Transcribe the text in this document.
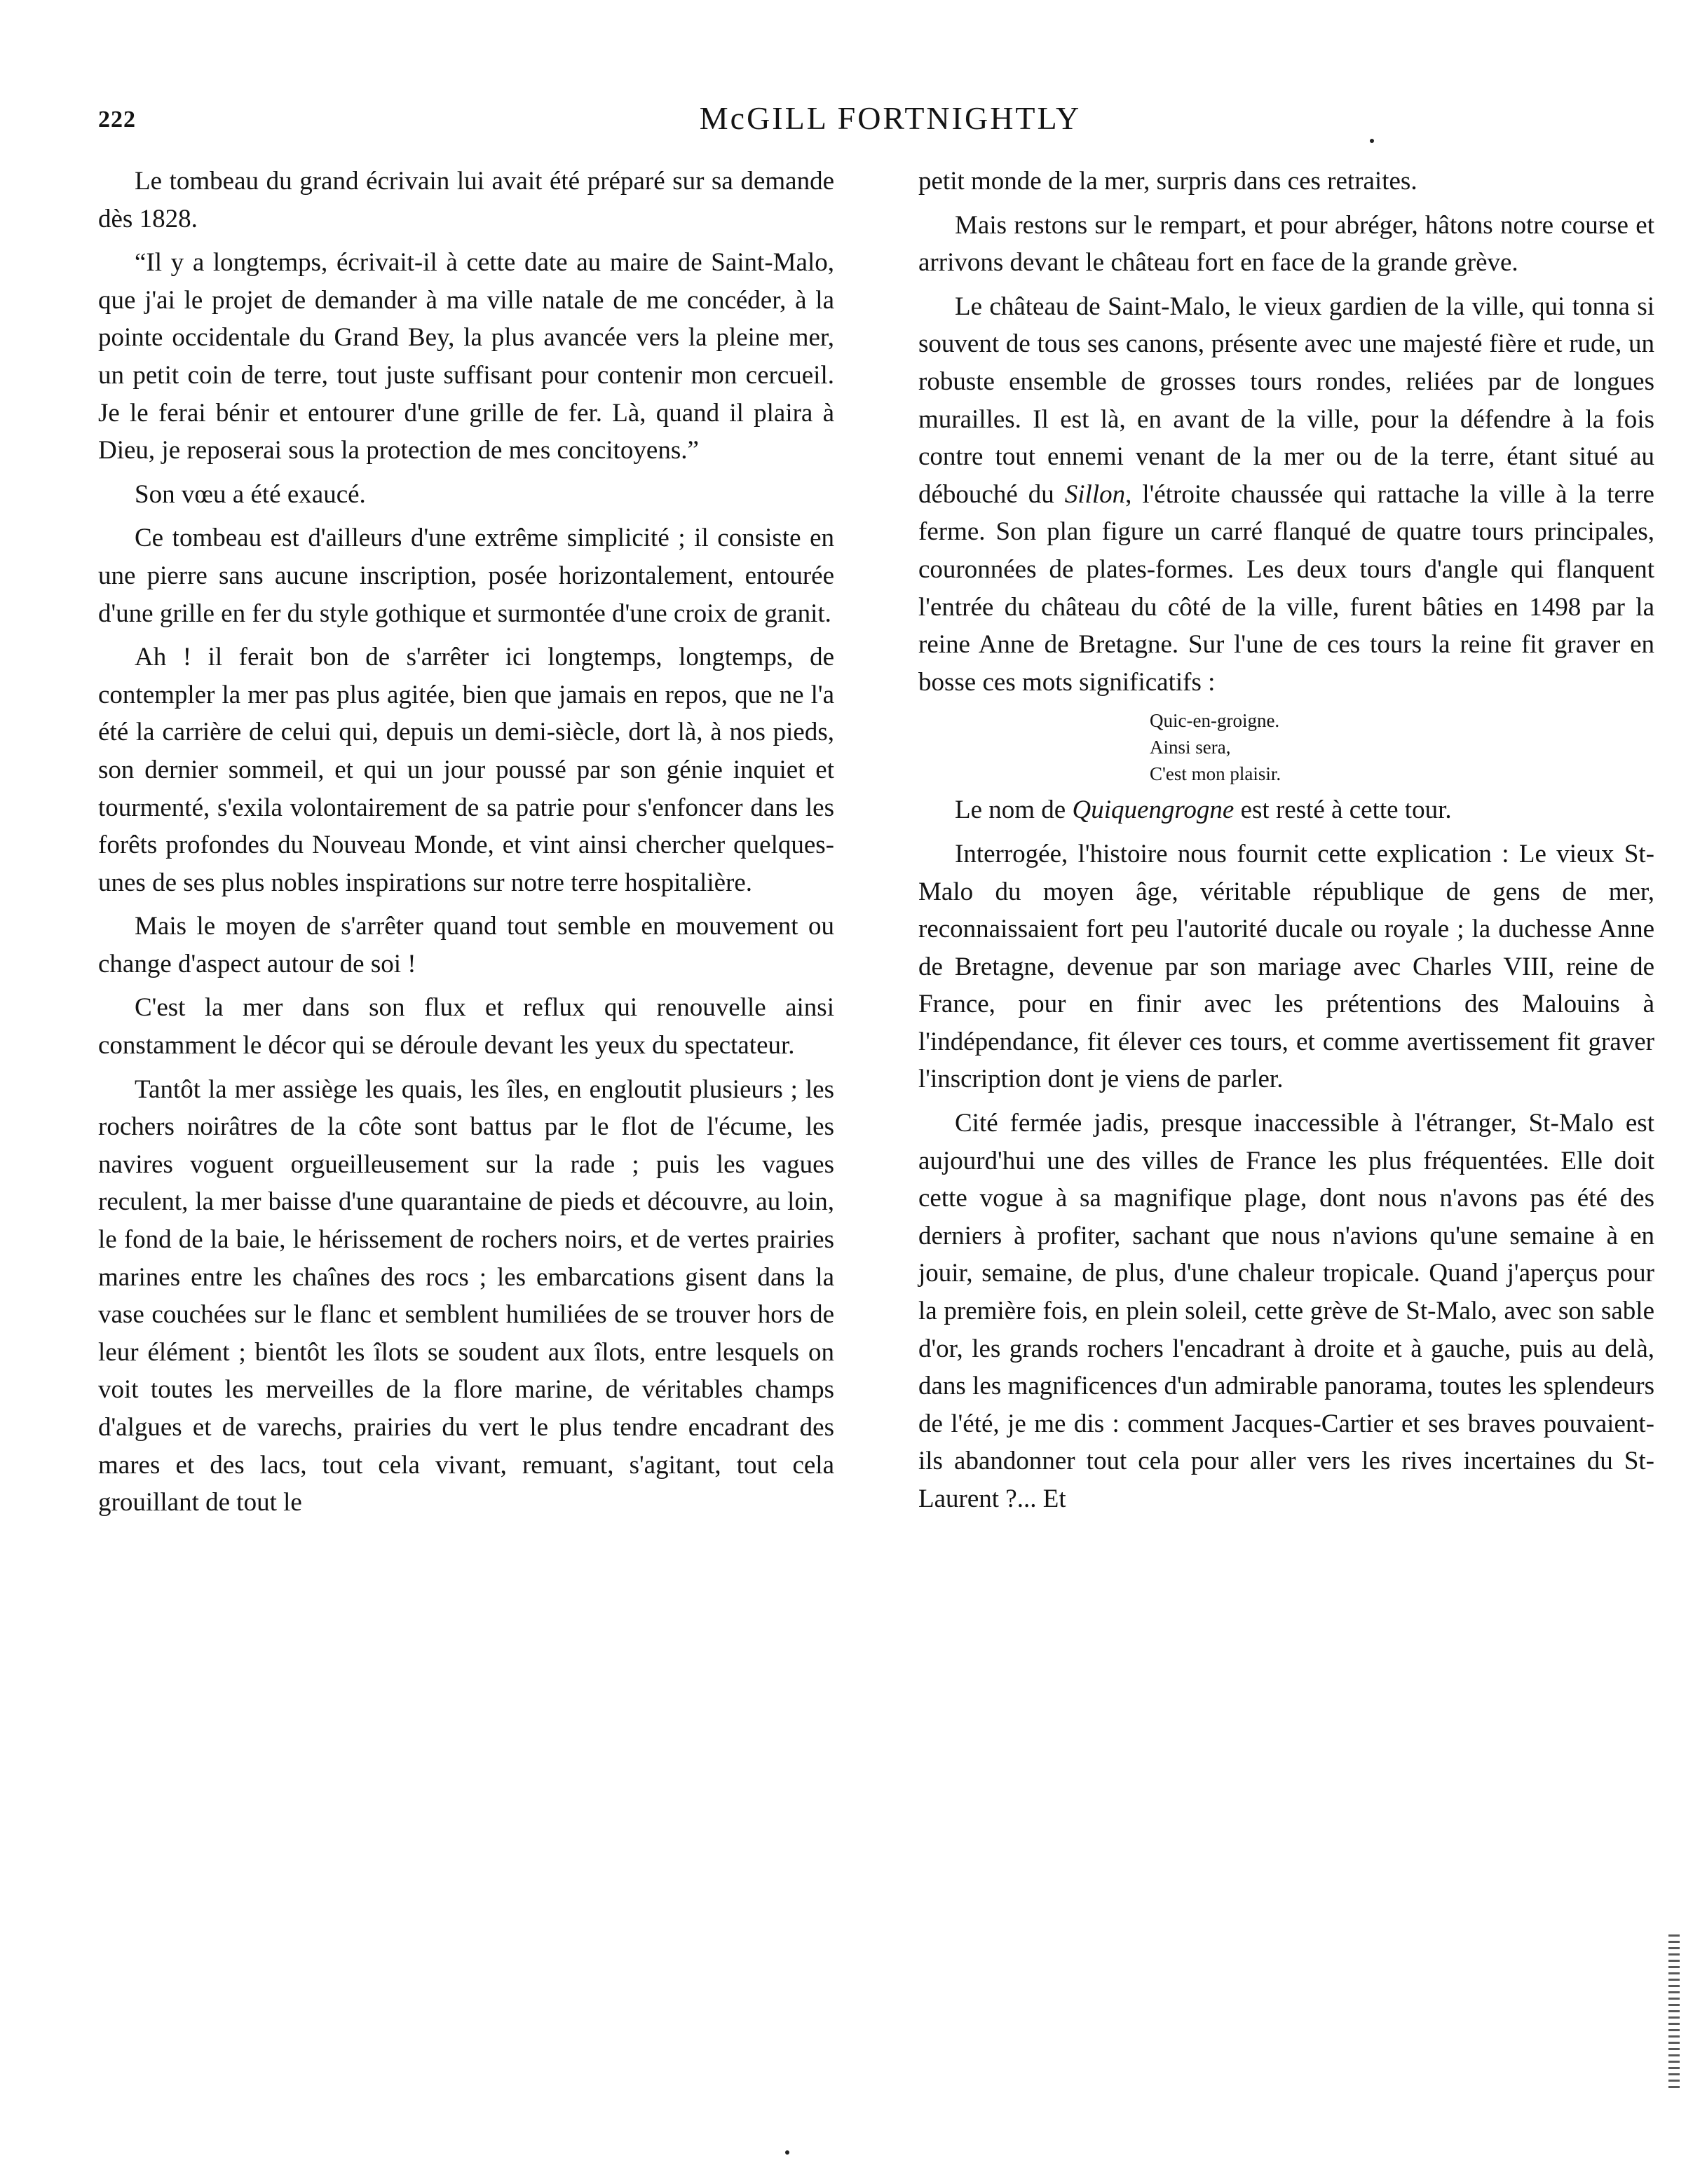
222	McGILL FORTNIGHTLY

Le tombeau du grand écrivain lui avait été préparé sur sa demande dès 1828.

“Il y a longtemps, écrivait-il à cette date au maire de Saint-Malo, que j'ai le projet de demander à ma ville natale de me concéder, à la pointe occidentale du Grand Bey, la plus avancée vers la pleine mer, un petit coin de terre, tout juste suffisant pour contenir mon cercueil. Je le ferai bénir et entourer d'une grille de fer. Là, quand il plaira à Dieu, je reposerai sous la protection de mes concitoyens.”

Son vœu a été exaucé.

Ce tombeau est d'ailleurs d'une extrême simplicité ; il consiste en une pierre sans aucune inscription, posée horizontalement, entourée d'une grille en fer du style gothique et surmontée d'une croix de granit.

Ah ! il ferait bon de s'arrêter ici longtemps, longtemps, de contempler la mer pas plus agitée, bien que jamais en repos, que ne l'a été la carrière de celui qui, depuis un demi-siècle, dort là, à nos pieds, son dernier sommeil, et qui un jour poussé par son génie inquiet et tourmenté, s'exila volontairement de sa patrie pour s'enfoncer dans les forêts profondes du Nouveau Monde, et vint ainsi chercher quelques-unes de ses plus nobles inspirations sur notre terre hospitalière.

Mais le moyen de s'arrêter quand tout semble en mouvement ou change d'aspect autour de soi !

C'est la mer dans son flux et reflux qui renouvelle ainsi constamment le décor qui se déroule devant les yeux du spectateur.

Tantôt la mer assiège les quais, les îles, en engloutit plusieurs ; les rochers noirâtres de la côte sont battus par le flot de l'écume, les navires voguent orgueilleusement sur la rade ; puis les vagues reculent, la mer baisse d'une quarantaine de pieds et découvre, au loin, le fond de la baie, le hérissement de rochers noirs, et de vertes prairies marines entre les chaînes des rocs ; les embarcations gisent dans la vase couchées sur le flanc et semblent humiliées de se trouver hors de leur élément ; bientôt les îlots se soudent aux îlots, entre lesquels on voit toutes les merveilles de la flore marine, de véritables champs d'algues et de varechs, prairies du vert le plus tendre encadrant des mares et des lacs, tout cela vivant, remuant, s'agitant, tout cela grouillant de tout le

petit monde de la mer, surpris dans ces retraites.

Mais restons sur le rempart, et pour abréger, hâtons notre course et arrivons devant le château fort en face de la grande grève.

Le château de Saint-Malo, le vieux gardien de la ville, qui tonna si souvent de tous ses canons, présente avec une majesté fière et rude, un robuste ensemble de grosses tours rondes, reliées par de longues murailles. Il est là, en avant de la ville, pour la défendre à la fois contre tout ennemi venant de la mer ou de la terre, étant situé au débouché du Sillon, l'étroite chaussée qui rattache la ville à la terre ferme. Son plan figure un carré flanqué de quatre tours principales, couronnées de plates-formes. Les deux tours d'angle qui flanquent l'entrée du château du côté de la ville, furent bâties en 1498 par la reine Anne de Bretagne. Sur l'une de ces tours la reine fit graver en bosse ces mots significatifs :

Quic-en-groigne.
Ainsi sera,
C'est mon plaisir.

Le nom de Quiquengrogne est resté à cette tour.

Interrogée, l'histoire nous fournit cette explication : Le vieux St-Malo du moyen âge, véritable république de gens de mer, reconnaissaient fort peu l'autorité ducale ou royale ; la duchesse Anne de Bretagne, devenue par son mariage avec Charles VIII, reine de France, pour en finir avec les prétentions des Malouins à l'indépendance, fit élever ces tours, et comme avertissement fit graver l'inscription dont je viens de parler.

Cité fermée jadis, presque inaccessible à l'étranger, St-Malo est aujourd'hui une des villes de France les plus fréquentées. Elle doit cette vogue à sa magnifique plage, dont nous n'avons pas été des derniers à profiter, sachant que nous n'avions qu'une semaine à en jouir, semaine, de plus, d'une chaleur tropicale. Quand j'aperçus pour la première fois, en plein soleil, cette grève de St-Malo, avec son sable d'or, les grands rochers l'encadrant à droite et à gauche, puis au delà, dans les magnificences d'un admirable panorama, toutes les splendeurs de l'été, je me dis : comment Jacques-Cartier et ses braves pouvaient-ils abandonner tout cela pour aller vers les rives incertaines du St-Laurent ?... Et
